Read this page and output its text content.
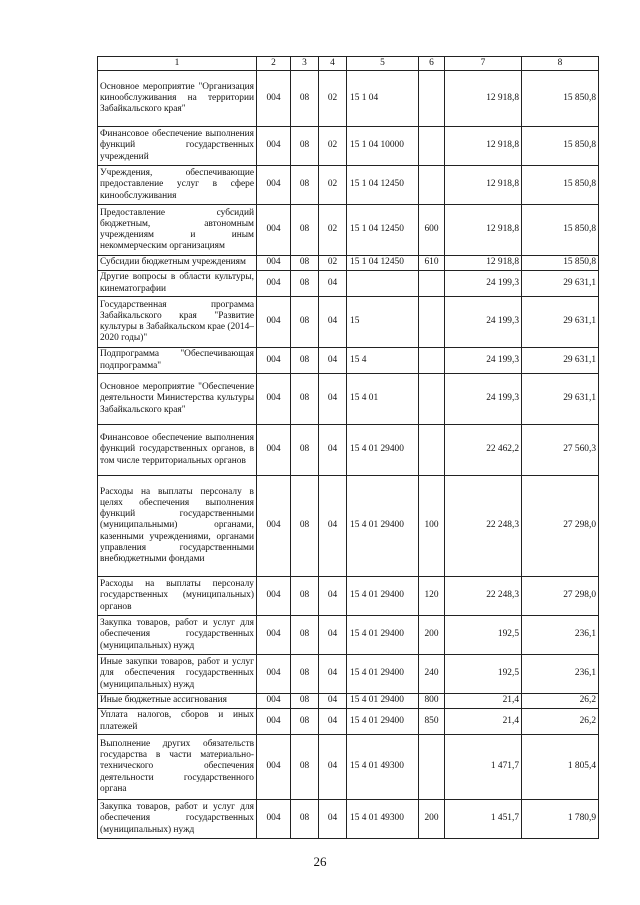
1	2	3	4	5	6	7	8
Основное мероприятие "Организация кинообслуживания на территории Забайкальского края"	004	08	02	15 1 04		12 918,8	15 850,8
Финансовое обеспечение выполнения функций государственных учреждений	004	08	02	15 1 04 10000		12 918,8	15 850,8
Учреждения, обеспечивающие предоставление услуг в сфере кинообслуживания	004	08	02	15 1 04 12450		12 918,8	15 850,8
Предоставление субсидий бюджетным, автономным учреждениям и иным некоммерческим организациям	004	08	02	15 1 04 12450	600	12 918,8	15 850,8
Субсидии бюджетным учреждениям	004	08	02	15 1 04 12450	610	12 918,8	15 850,8
Другие вопросы в области культуры, кинематографии	004	08	04			24 199,3	29 631,1
Государственная программа Забайкальского края "Развитие культуры в Забайкальском крае (2014–2020 годы)"	004	08	04	15		24 199,3	29 631,1
Подпрограмма "Обеспечивающая подпрограмма"	004	08	04	15 4		24 199,3	29 631,1
Основное мероприятие "Обеспечение деятельности Министерства культуры Забайкальского края"	004	08	04	15 4 01		24 199,3	29 631,1
Финансовое обеспечение выполнения функций государственных органов, в том числе территориальных органов	004	08	04	15 4 01 29400		22 462,2	27 560,3
Расходы на выплаты персоналу в целях обеспечения выполнения функций государственными (муниципальными) органами, казенными учреждениями, органами управления государственными внебюджетными фондами	004	08	04	15 4 01 29400	100	22 248,3	27 298,0
Расходы на выплаты персоналу государственных (муниципальных) органов	004	08	04	15 4 01 29400	120	22 248,3	27 298,0
Закупка товаров, работ и услуг для обеспечения государственных (муниципальных) нужд	004	08	04	15 4 01 29400	200	192,5	236,1
Иные закупки товаров, работ и услуг для обеспечения государственных (муниципальных) нужд	004	08	04	15 4 01 29400	240	192,5	236,1
Иные бюджетные ассигнования	004	08	04	15 4 01 29400	800	21,4	26,2
Уплата налогов, сборов и иных платежей	004	08	04	15 4 01 29400	850	21,4	26,2
Выполнение других обязательств государства в части материально-технического обеспечения деятельности государственного органа	004	08	04	15 4 01 49300		1 471,7	1 805,4
Закупка товаров, работ и услуг для обеспечения государственных (муниципальных) нужд	004	08	04	15 4 01 49300	200	1 451,7	1 780,9
26
